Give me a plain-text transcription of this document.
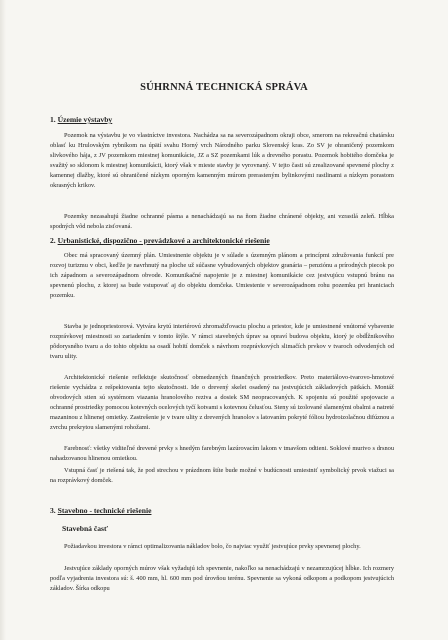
SÚHRNNÁ TECHNICKÁ SPRÁVA
1. Územie výstavby

Pozemok na výstavbu je vo vlastníctve investora. Nachádza sa na severozápadnom okraji obce, smerom na rekreačnú chatársku oblasť ku Hrulovským rybníkom na úpätí svahu Horný vrch Národného parku Slovenský kras. Zo SV je ohraničený pozemkom slivkového hája, z JV pozemkom miestnej komunikácie, JZ a SZ pozemkami lúk a drevného porastu. Pozemok hobitého domčeka je svažitý so sklonom k miestnej komunikácii, ktorý však v mieste stavby je vyrovnaný. V tejto časti sú zrealizované spevnené plochy z kamennej dlažby, ktoré sú ohraničené nízkym oporným kamenným múrom prerasteným bylinkovými rastlinami a nízkym porastom okrasných krikov.

Pozemky nezasahujú žiadne ochranné pásma a nenachádzajú sa na ňom žiadne chránené objekty, ani vzrastlá zeleň. Hĺbka spodných vôd nebola zisťovaná.

2. Urbanistické, dispozično - prevádzkové a architektonické riešenie

Obec má spracovaný územný plán. Umiestnenie objektu je v súlade s územným plánom a princípmi združovania funkcií pre rozvoj turizmu v obci, keďže je navrhnutý na ploche už súčasne vybudovaných objektov granária – penziónu a prírodných piecok po ich západnom a severozápadnom obvode. Komunikačné napojenie je z miestnej komunikácie cez jestvujúcu vstupnú bránu na spevnenú plochu, z ktorej sa bude vstupovať aj do objektu domčeka. Umiestenie v severozápadnom rohu pozemku pri hraniciach pozemku.

Stavba je jednopriestorová. Vytvára krytú interiérovú zhromažďovaciu plochu a priestor, kde je umiestnené vnútorné vybavenie rozprávkovej miestnosti so zariadením v tomto štýle. V rámci stavebných úprav sa opraví budova objektu, ktorý je obdĺžnikového pôdorysného tvaru a do tohto objektu sa osadí hobití domček s návrhom rozprávkových slimačích prvkov v tvaroch odvodených od tvaru ulity.

Architektonické riešenie reflektuje skutočnosť obmedzených finančných prostriedkov. Preto materiálovo-tvarovo-hmotové riešenie vychádza z rešpektovania tejto skutočnosti. Ide o drevený skelet osadený na jestvujúcich základových pätkách. Montáž obvodových stien sú systémom viazania hranolového reziva a dosiek SM neopracovaných. K spojeniu sú použité spojovacie a ochranné prostriedky pomocou kotevných ocelových tyčí kotvami s kotevnou čelusťou. Steny sú izolované slamenými obalmi a natreté mazaninou z hlinenej omietky. Zastrešenie je v tvare ulity z drevených hranolov s latovaním pokryté fóliou hydroizolačnou difúznou a zvrchu prekrytou slamenými rohožami.

Farebnosť: všetky viditeľné drevené prvky s hnedým farebným lazúrovacím lakom v tmavšom odtieni. Soklové murivo s drsnou nahadzovanou hlinenou omietkou.

Vstupná časť je riešená tak, že pod strechou v prázdnom štíte bude možné v budúcnosti umiestniť symbolický prvok viažuci sa na rozprávkový domček.

3. Stavebno - technické riešenie
Stavebná časť

Požiadavkou investora v rámci optimalizovania nákladov bolo, čo najviac využiť jestvujúce prvky spevnenej plochy.

Jestvujúce základy oporných múrov však vyžadujú ich spevnenie, nakoľko sa nenachádzajú v nezamrzujúcej hĺbke. Ich rozmery podľa vyjadrenia investora sú: š. 400 mm, hl. 600 mm pod úrovňou terénu. Spevnenie sa vykoná odkopom a podkopom jestvujúcich základov. Šírka odkopu
